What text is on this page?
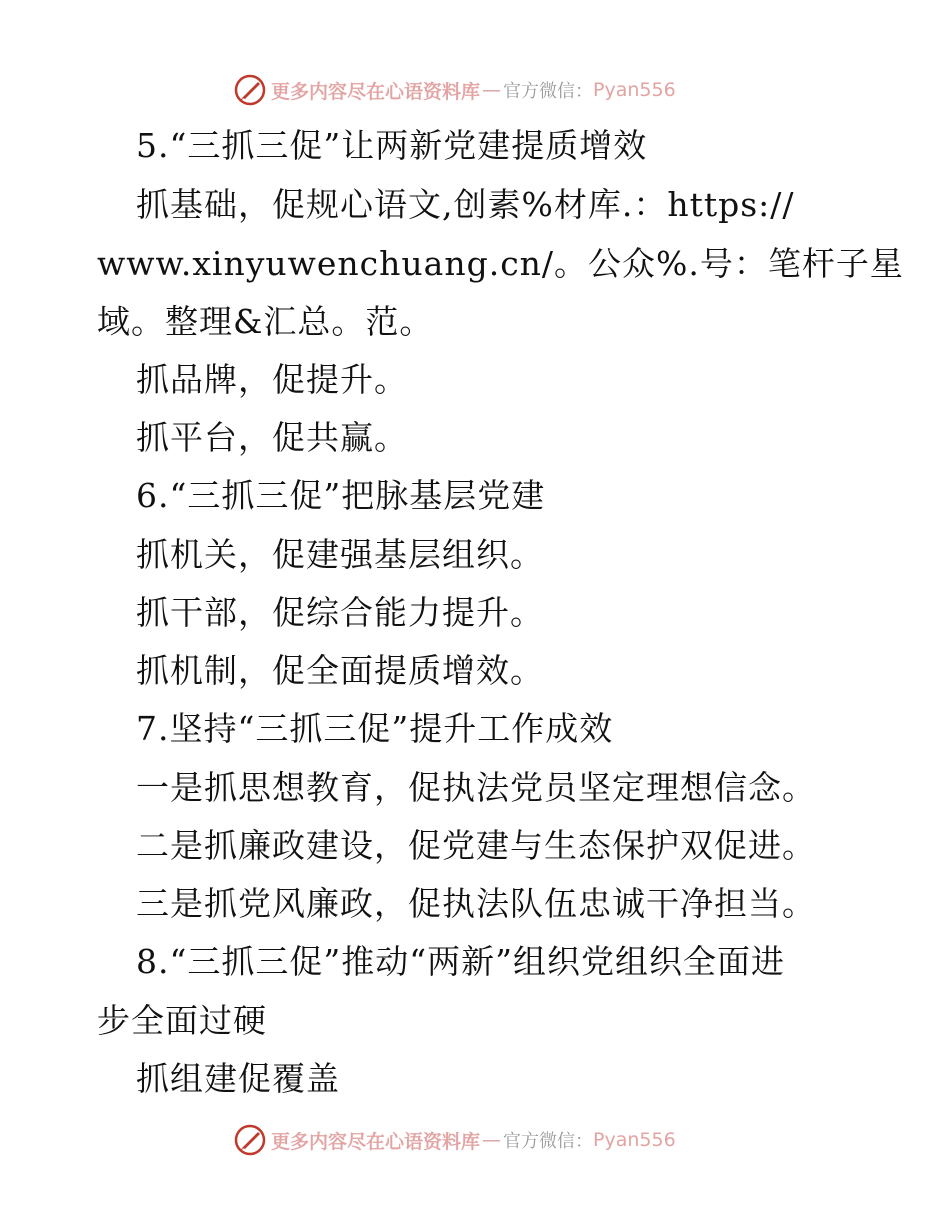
更多内容尽在心语资料库 — 官方微信： Pyan556
5.“三抓三促”让两新党建提质增效
抓基础，促规心语文,创素%材库.：https://
www.xinyuwenchuang.cn/。公众%.号：笔杆子星
域。整理&汇总。范。
抓品牌，促提升。
抓平台，促共赢。
6.“三抓三促”把脉基层党建
抓机关，促建强基层组织。
抓干部，促综合能力提升。
抓机制，促全面提质增效。
7.坚持“三抓三促”提升工作成效
一是抓思想教育，促执法党员坚定理想信念。
二是抓廉政建设，促党建与生态保护双促进。
三是抓党风廉政，促执法队伍忠诚干净担当。
8.“三抓三促”推动“两新”组织党组织全面进
步全面过硬
抓组建促覆盖
更多内容尽在心语资料库 — 官方微信： Pyan556
